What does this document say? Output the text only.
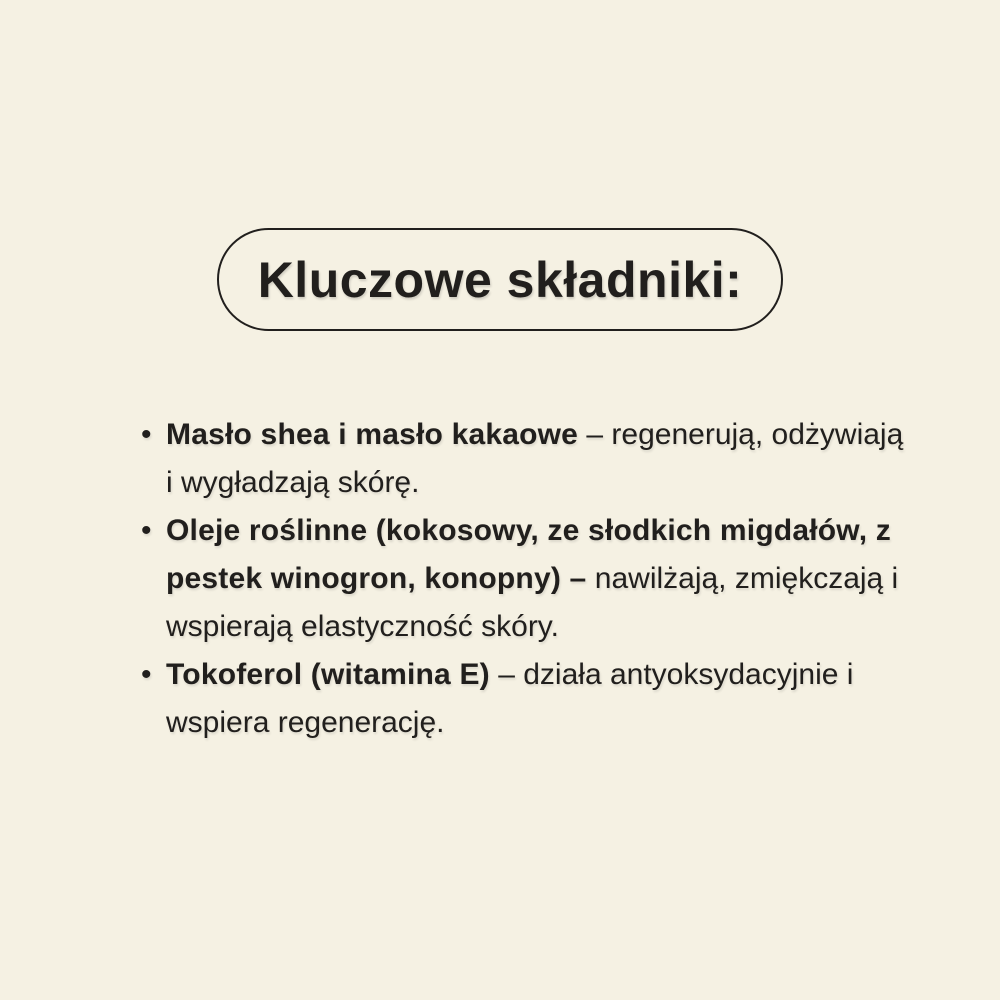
Kluczowe składniki:
• Masło shea i masło kakaowe – regenerują, odżywiają i wygładzają skórę.
• Oleje roślinne (kokosowy, ze słodkich migdałów, z pestek winogron, konopny) – nawilżają, zmiękczają i wspierają elastyczność skóry.
• Tokoferol (witamina E) – działa antyoksydacyjnie i wspiera regenerację.
